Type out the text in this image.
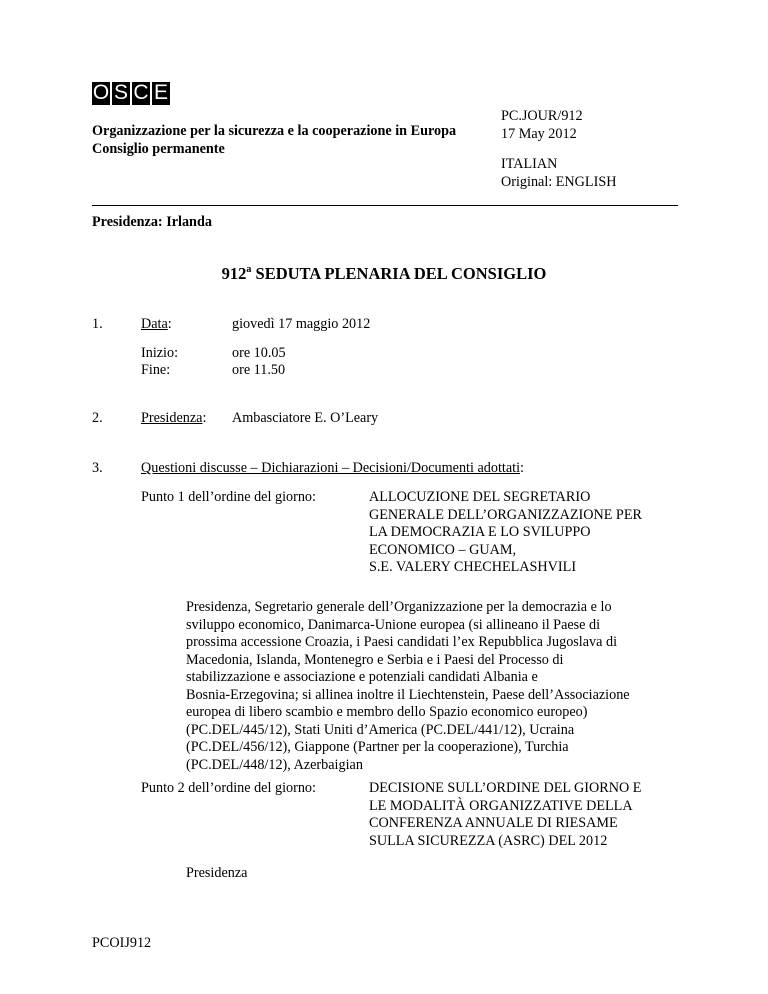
O S C E
Organizzazione per la sicurezza e la cooperazione in Europa
Consiglio permanente
PC.JOUR/912
17 May 2012
ITALIAN
Original: ENGLISH
Presidenza: Irlanda
912$^a$ SEDUTA PLENARIA DEL CONSIGLIO
1.	Data:	giovedì 17 maggio 2012
Inizio:	ore 10.05
Fine:	ore 11.50
2.	Presidenza: Ambasciatore E. O’Leary
3.	Questioni discusse – Dichiarazioni – Decisioni/Documenti adottati:
Punto 1 dell’ordine del giorno:	ALLOCUZIONE DEL SEGRETARIO
GENERALE DELL’ORGANIZZAZIONE PER
LA DEMOCRAZIA E LO SVILUPPO
ECONOMICO – GUAM,
S.E. VALERY CHECHELASHVILI
Presidenza, Segretario generale dell’Organizzazione per la democrazia e lo
sviluppo economico, Danimarca-Unione europea (si allineano il Paese di
prossima accessione Croazia, i Paesi candidati l’ex Repubblica Jugoslava di
Macedonia, Islanda, Montenegro e Serbia e i Paesi del Processo di
stabilizzazione e associazione e potenziali candidati Albania e
Bosnia-Erzegovina; si allinea inoltre il Liechtenstein, Paese dell’Associazione
europea di libero scambio e membro dello Spazio economico europeo)
(PC.DEL/445/12), Stati Uniti d’America (PC.DEL/441/12), Ucraina
(PC.DEL/456/12), Giappone (Partner per la cooperazione), Turchia
(PC.DEL/448/12), Azerbaigian
Punto 2 dell’ordine del giorno:	DECISIONE SULL’ORDINE DEL GIORNO E
LE MODALITÀ ORGANIZZATIVE DELLA
CONFERENZA ANNUALE DI RIESAME
SULLA SICUREZZA (ASRC) DEL 2012
Presidenza
PCOIJ912
